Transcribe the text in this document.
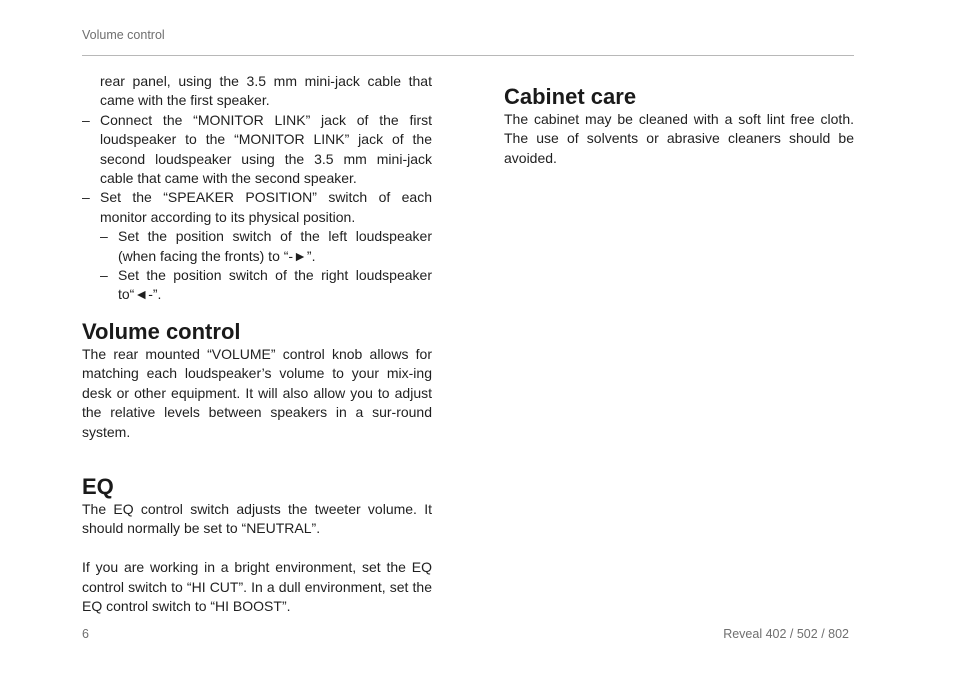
Volume control
rear panel, using the 3.5 mm mini-jack cable that came with the first speaker.
– Connect the “MONITOR LINK” jack of the first loudspeaker to the “MONITOR LINK” jack of the second loudspeaker using the 3.5 mm mini-jack cable that came with the second speaker.
– Set the “SPEAKER POSITION” switch of each monitor according to its physical position.
– Set the position switch of the left loudspeaker (when facing the fronts) to “-►”.
– Set the position switch of the right loudspeaker to“◄-”.
Volume control
The rear mounted “VOLUME” control knob allows for matching each loudspeaker’s volume to your mix-ing desk or other equipment. It will also allow you to adjust the relative levels between speakers in a sur-round system.
EQ
The EQ control switch adjusts the tweeter volume. It should normally be set to “NEUTRAL”.
If you are working in a bright environment, set the EQ control switch to “HI CUT”. In a dull environment, set the EQ control switch to “HI BOOST”.
Cabinet care
The cabinet may be cleaned with a soft lint free cloth. The use of solvents or abrasive cleaners should be avoided.
6	Reveal 402 / 502 / 802
